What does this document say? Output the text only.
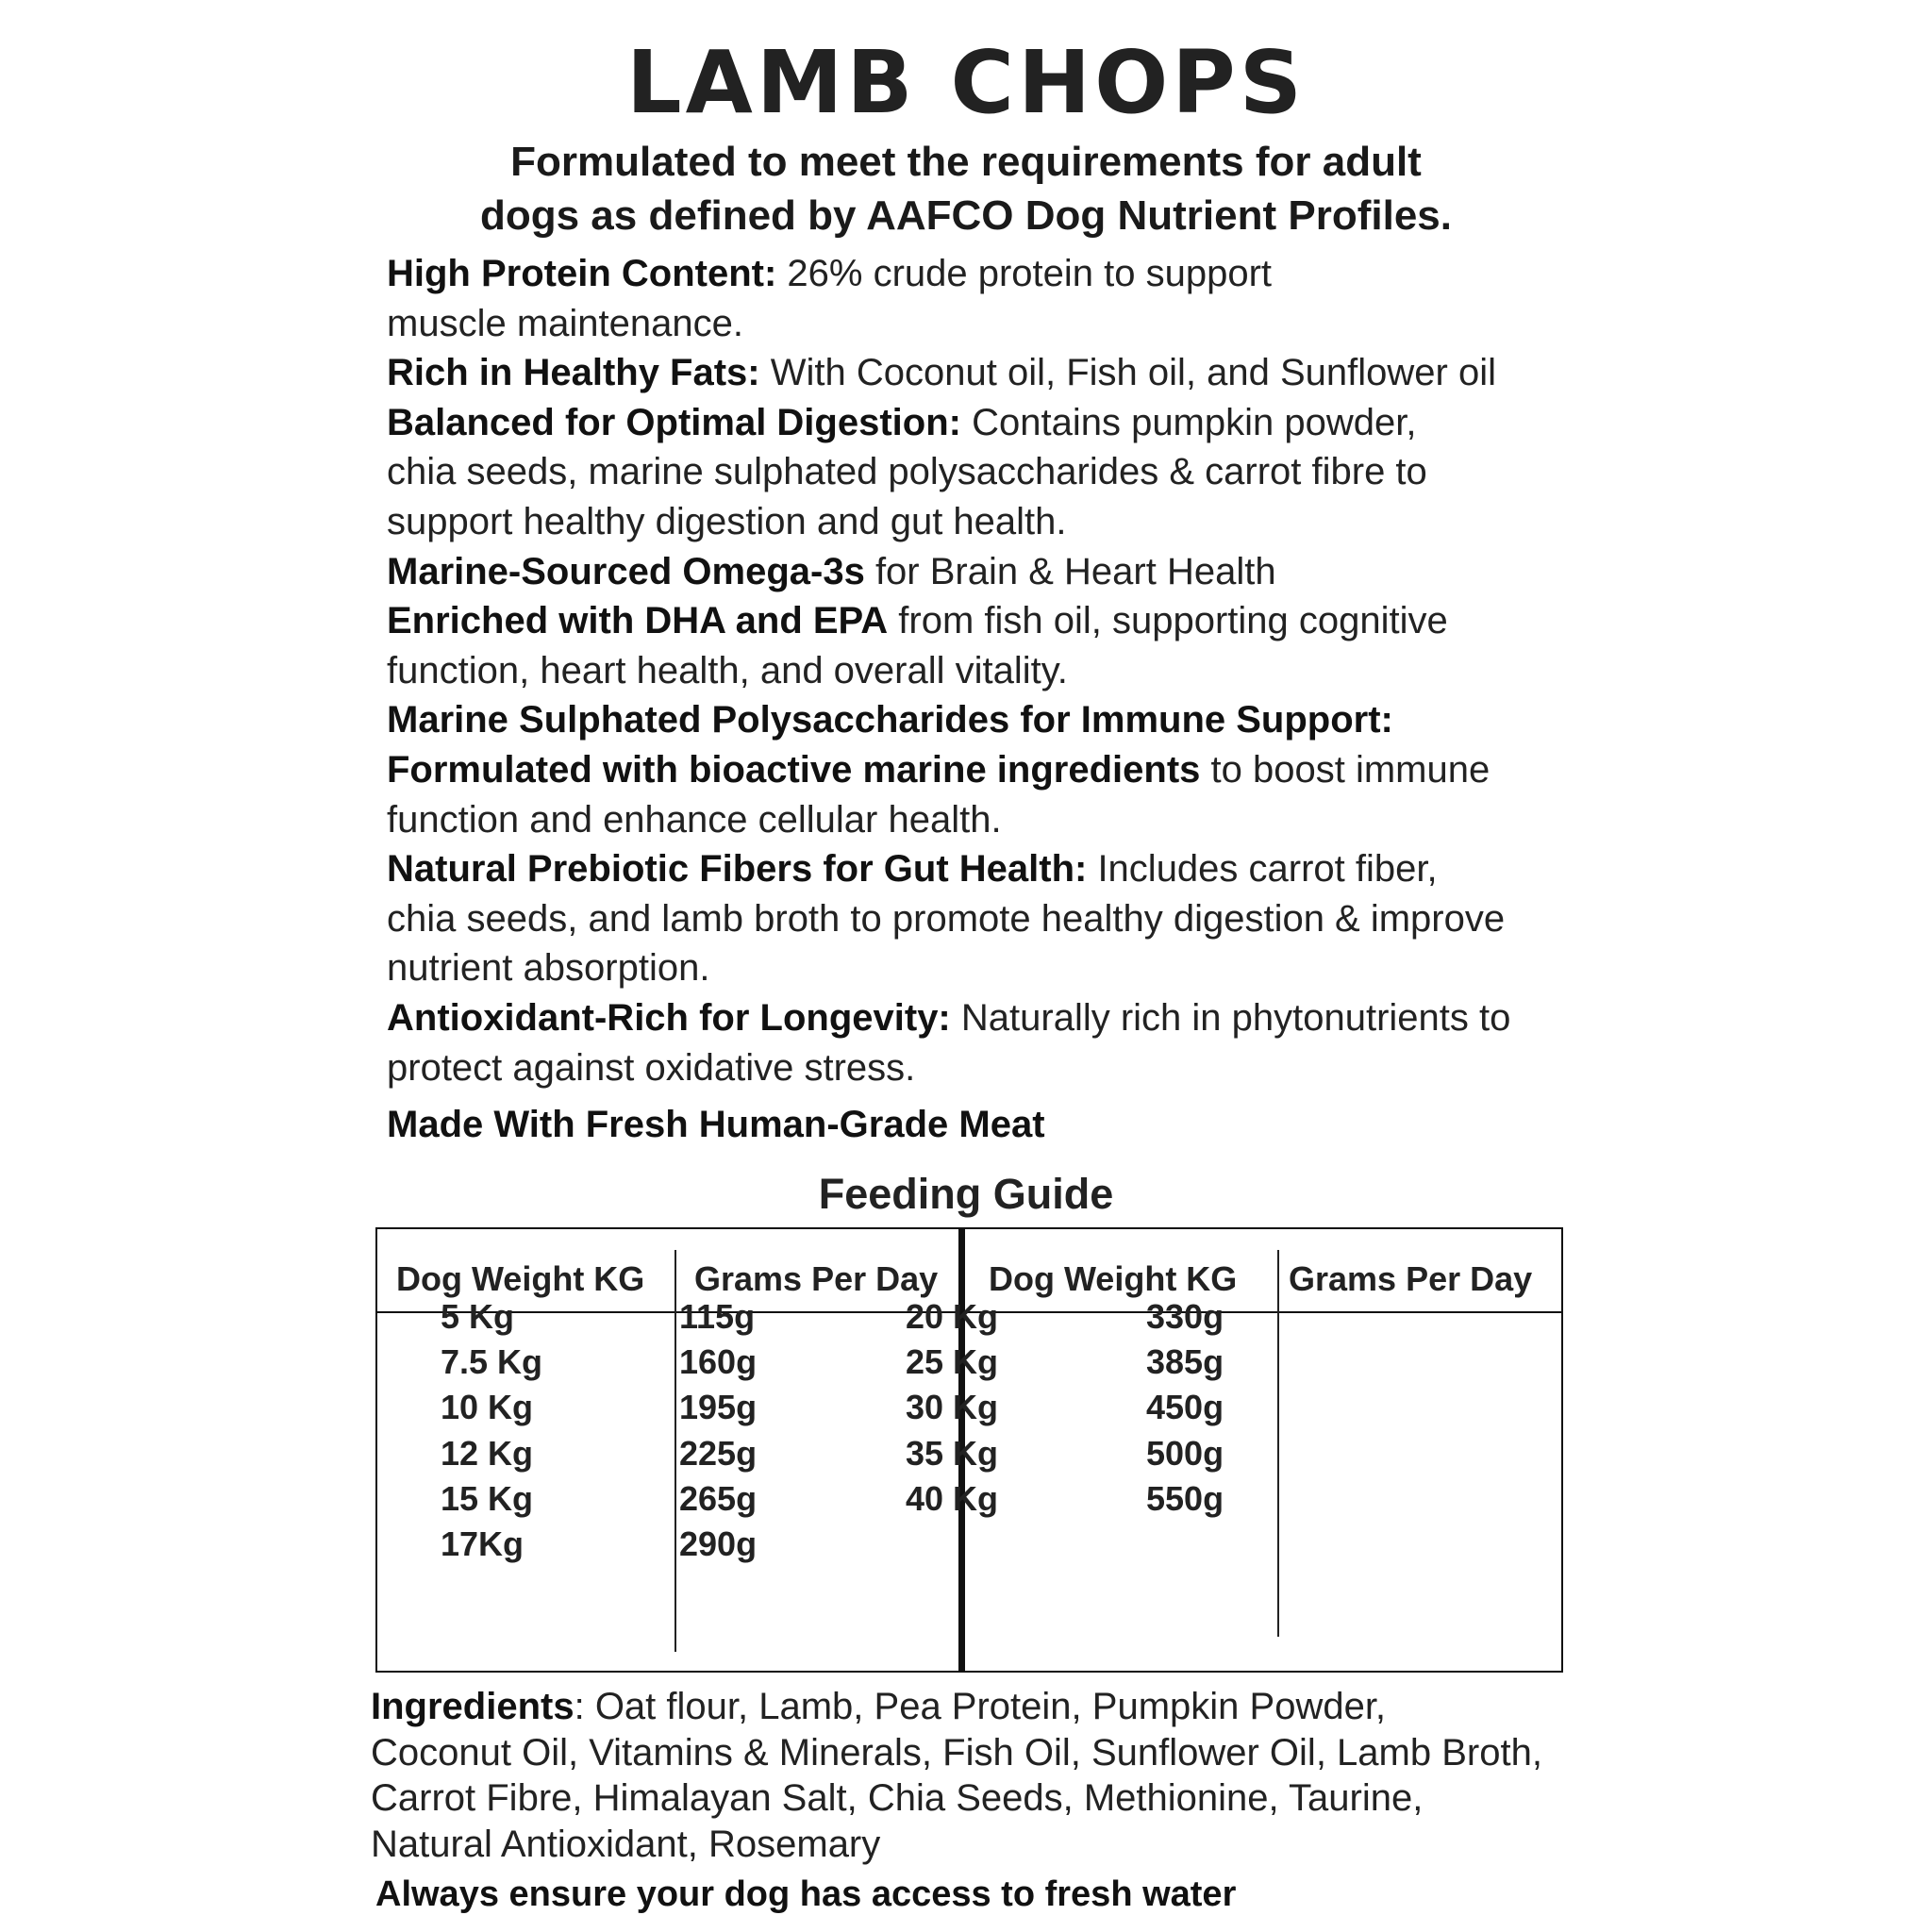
LAMB CHOPS
Formulated to meet the requirements for adult
dogs as defined by AAFCO Dog Nutrient Profiles.

High Protein Content: 26% crude protein to support
muscle maintenance.

Rich in Healthy Fats: With Coconut oil, Fish oil, and Sunflower oil

Balanced for Optimal Digestion: Contains pumpkin powder,
chia seeds, marine sulphated polysaccharides & carrot fibre to
support healthy digestion and gut health.

Marine-Sourced Omega-3s for Brain & Heart Health

Enriched with DHA and EPA from fish oil, supporting cognitive
function, heart health, and overall vitality.

Marine Sulphated Polysaccharides for Immune Support:

Formulated with bioactive marine ingredients to boost immune
function and enhance cellular health.

Natural Prebiotic Fibers for Gut Health: Includes carrot fiber,
chia seeds, and lamb broth to promote healthy digestion & improve
nutrient absorption.

Antioxidant-Rich for Longevity: Naturally rich in phytonutrients to
protect against oxidative stress.

Made With Fresh Human-Grade Meat
Feeding Guide
Dog Weight KG Grams Per Day Dog Weight KG Grams Per Day
5 Kg	115g
7.5 Kg	160g
10 Kg	195g
12 Kg	225g
15 Kg	265g
17Kg	290g
20 Kg	330g
25 Kg	385g
30 Kg	450g
35 Kg	500g
40 Kg	550g
Ingredients: Oat flour, Lamb, Pea Protein, Pumpkin Powder,
Coconut Oil, Vitamins & Minerals, Fish Oil, Sunflower Oil, Lamb Broth,
Carrot Fibre, Himalayan Salt, Chia Seeds, Methionine, Taurine,
Natural Antioxidant, Rosemary
Always ensure your dog has access to fresh water
